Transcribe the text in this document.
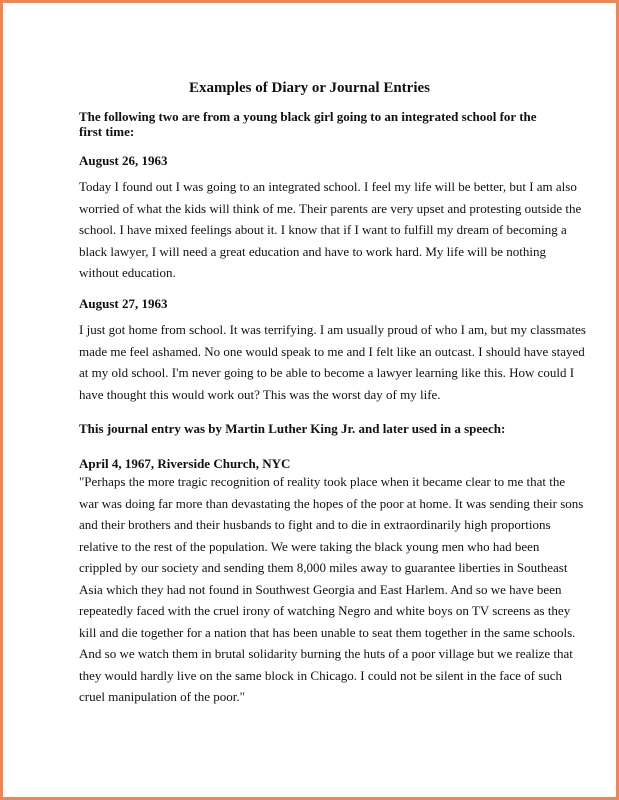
Examples of Diary or Journal Entries
The following two are from a young black girl going to an integrated school for the first time:
August 26, 1963

Today I found out I was going to an integrated school. I feel my life will be better, but I am also
worried of what the kids will think of me. Their parents are very upset and protesting outside the
school. I have mixed feelings about it. I know that if I want to fulfill my dream of becoming a
black lawyer, I will need a great education and have to work hard. My life will be nothing
without education.

August 27, 1963

I just got home from school. It was terrifying. I am usually proud of who I am, but my classmates
made me feel ashamed. No one would speak to me and I felt like an outcast. I should have stayed
at my old school. I'm never going to be able to become a lawyer learning like this. How could I
have thought this would work out? This was the worst day of my life.

This journal entry was by Martin Luther King Jr. and later used in a speech:
April 4, 1967, Riverside Church, NYC

"Perhaps the more tragic recognition of reality took place when it became clear to me that the
war was doing far more than devastating the hopes of the poor at home. It was sending their sons
and their brothers and their husbands to fight and to die in extraordinarily high proportions
relative to the rest of the population. We were taking the black young men who had been
crippled by our society and sending them 8,000 miles away to guarantee liberties in Southeast
Asia which they had not found in Southwest Georgia and East Harlem. And so we have been
repeatedly faced with the cruel irony of watching Negro and white boys on TV screens as they
kill and die together for a nation that has been unable to seat them together in the same schools.
And so we watch them in brutal solidarity burning the huts of a poor village but we realize that
they would hardly live on the same block in Chicago. I could not be silent in the face of such
cruel manipulation of the poor."
